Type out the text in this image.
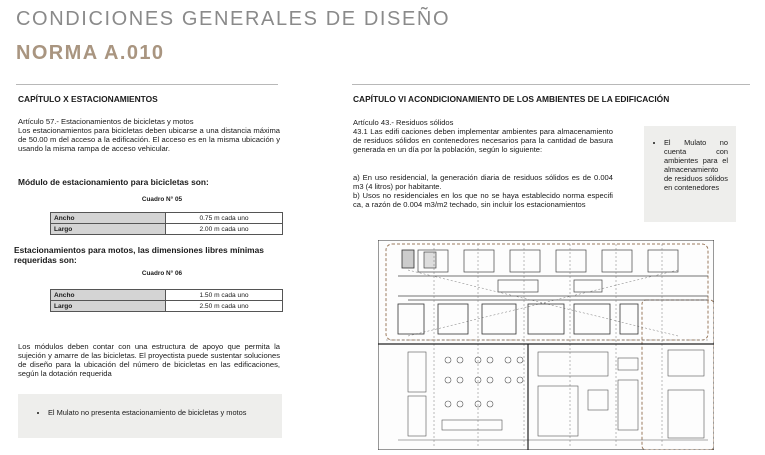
CONDICIONES GENERALES DE DISEÑO
NORMA A.010
CAPÍTULO X ESTACIONAMIENTOS
Artículo 57.- Estacionamientos de bicicletas y motos
Los estacionamientos para bicicletas deben ubicarse a una distancia máxima de 50.00 m del acceso a la edificación. El acceso es en la misma ubicación y usando la misma rampa de acceso vehicular.
Módulo de estacionamiento para bicicletas son:
Cuadro N° 05
Ancho	0.75 m cada uno
Largo	2.00 m cada uno
Estacionamientos para motos, las dimensiones libres mínimas requeridas son:
Cuadro N° 06
Ancho	1.50 m cada uno
Largo	2.50 m cada uno
Los módulos deben contar con una estructura de apoyo que permita la sujeción y amarre de las bicicletas. El proyectista puede sustentar soluciones de diseño para la ubicación del número de bicicletas en las edificaciones, según la dotación requerida
• El Mulato no presenta estacionamiento de bicicletas y motos
CAPÍTULO VI ACONDICIONAMIENTO DE LOS AMBIENTES DE LA EDIFICACIÓN
Artículo 43.- Residuos sólidos
43.1 Las edifi caciones deben implementar ambientes para almacenamiento de residuos sólidos en contenedores necesarios para la cantidad de basura generada en un día por la población, según lo siguiente:
a) En uso residencial, la generación diaria de residuos sólidos es de 0.004 m3 (4 litros) por habitante.
b) Usos no residenciales en los que no se haya establecido norma especifi ca, a razón de 0.004 m3/m2 techado, sin incluir los estacionamientos
• El Mulato no cuenta con ambientes para el almacenamiento de residuos sólidos en contenedores
